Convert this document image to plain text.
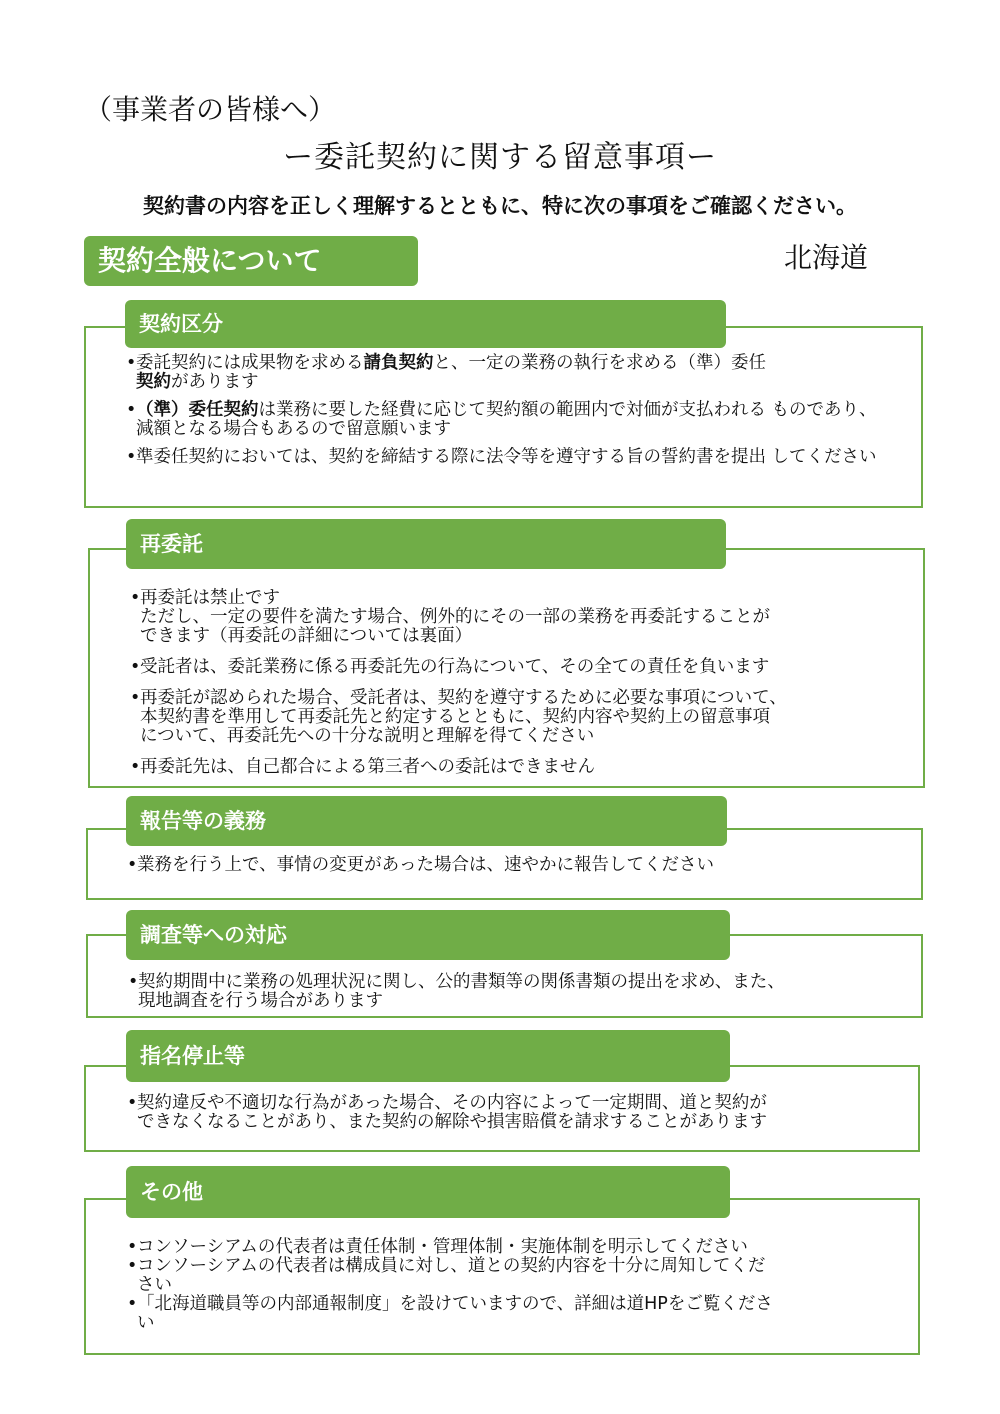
（事業者の皆様へ）
ー委託契約に関する留意事項ー
契約書の内容を正しく理解するとともに、特に次の事項をご確認ください。
契約全般について	北海道
契約区分
• 委託契約には成果物を求める請負契約と、一定の業務の執行を求める（準）委任
契約があります
• （準）委任契約は業務に要した経費に応じて契約額の範囲内で対価が支払われる ものであり、減額となる場合もあるので留意願います
• 準委任契約においては、契約を締結する際に法令等を遵守する旨の誓約書を提出 してください
再委託
• 再委託は禁止です
ただし、一定の要件を満たす場合、例外的にその一部の業務を再委託することが
できます（再委託の詳細については裏面）
• 受託者は、委託業務に係る再委託先の行為について、その全ての責任を負います
• 再委託が認められた場合、受託者は、契約を遵守するために必要な事項について、
本契約書を準用して再委託先と約定するとともに、契約内容や契約上の留意事項
について、再委託先への十分な説明と理解を得てください
• 再委託先は、自己都合による第三者への委託はできません
報告等の義務
• 業務を行う上で、事情の変更があった場合は、速やかに報告してください
調査等への対応
• 契約期間中に業務の処理状況に関し、公的書類等の関係書類の提出を求め、また、
現地調査を行う場合があります
指名停止等
• 契約違反や不適切な行為があった場合、その内容によって一定期間、道と契約が
できなくなることがあり、また契約の解除や損害賠償を請求することがあります
その他
• コンソーシアムの代表者は責任体制・管理体制・実施体制を明示してください
• コンソーシアムの代表者は構成員に対し、道との契約内容を十分に周知してくだ
さい
• 「北海道職員等の内部通報制度」を設けていますので、詳細は道HPをご覧くださ
い
